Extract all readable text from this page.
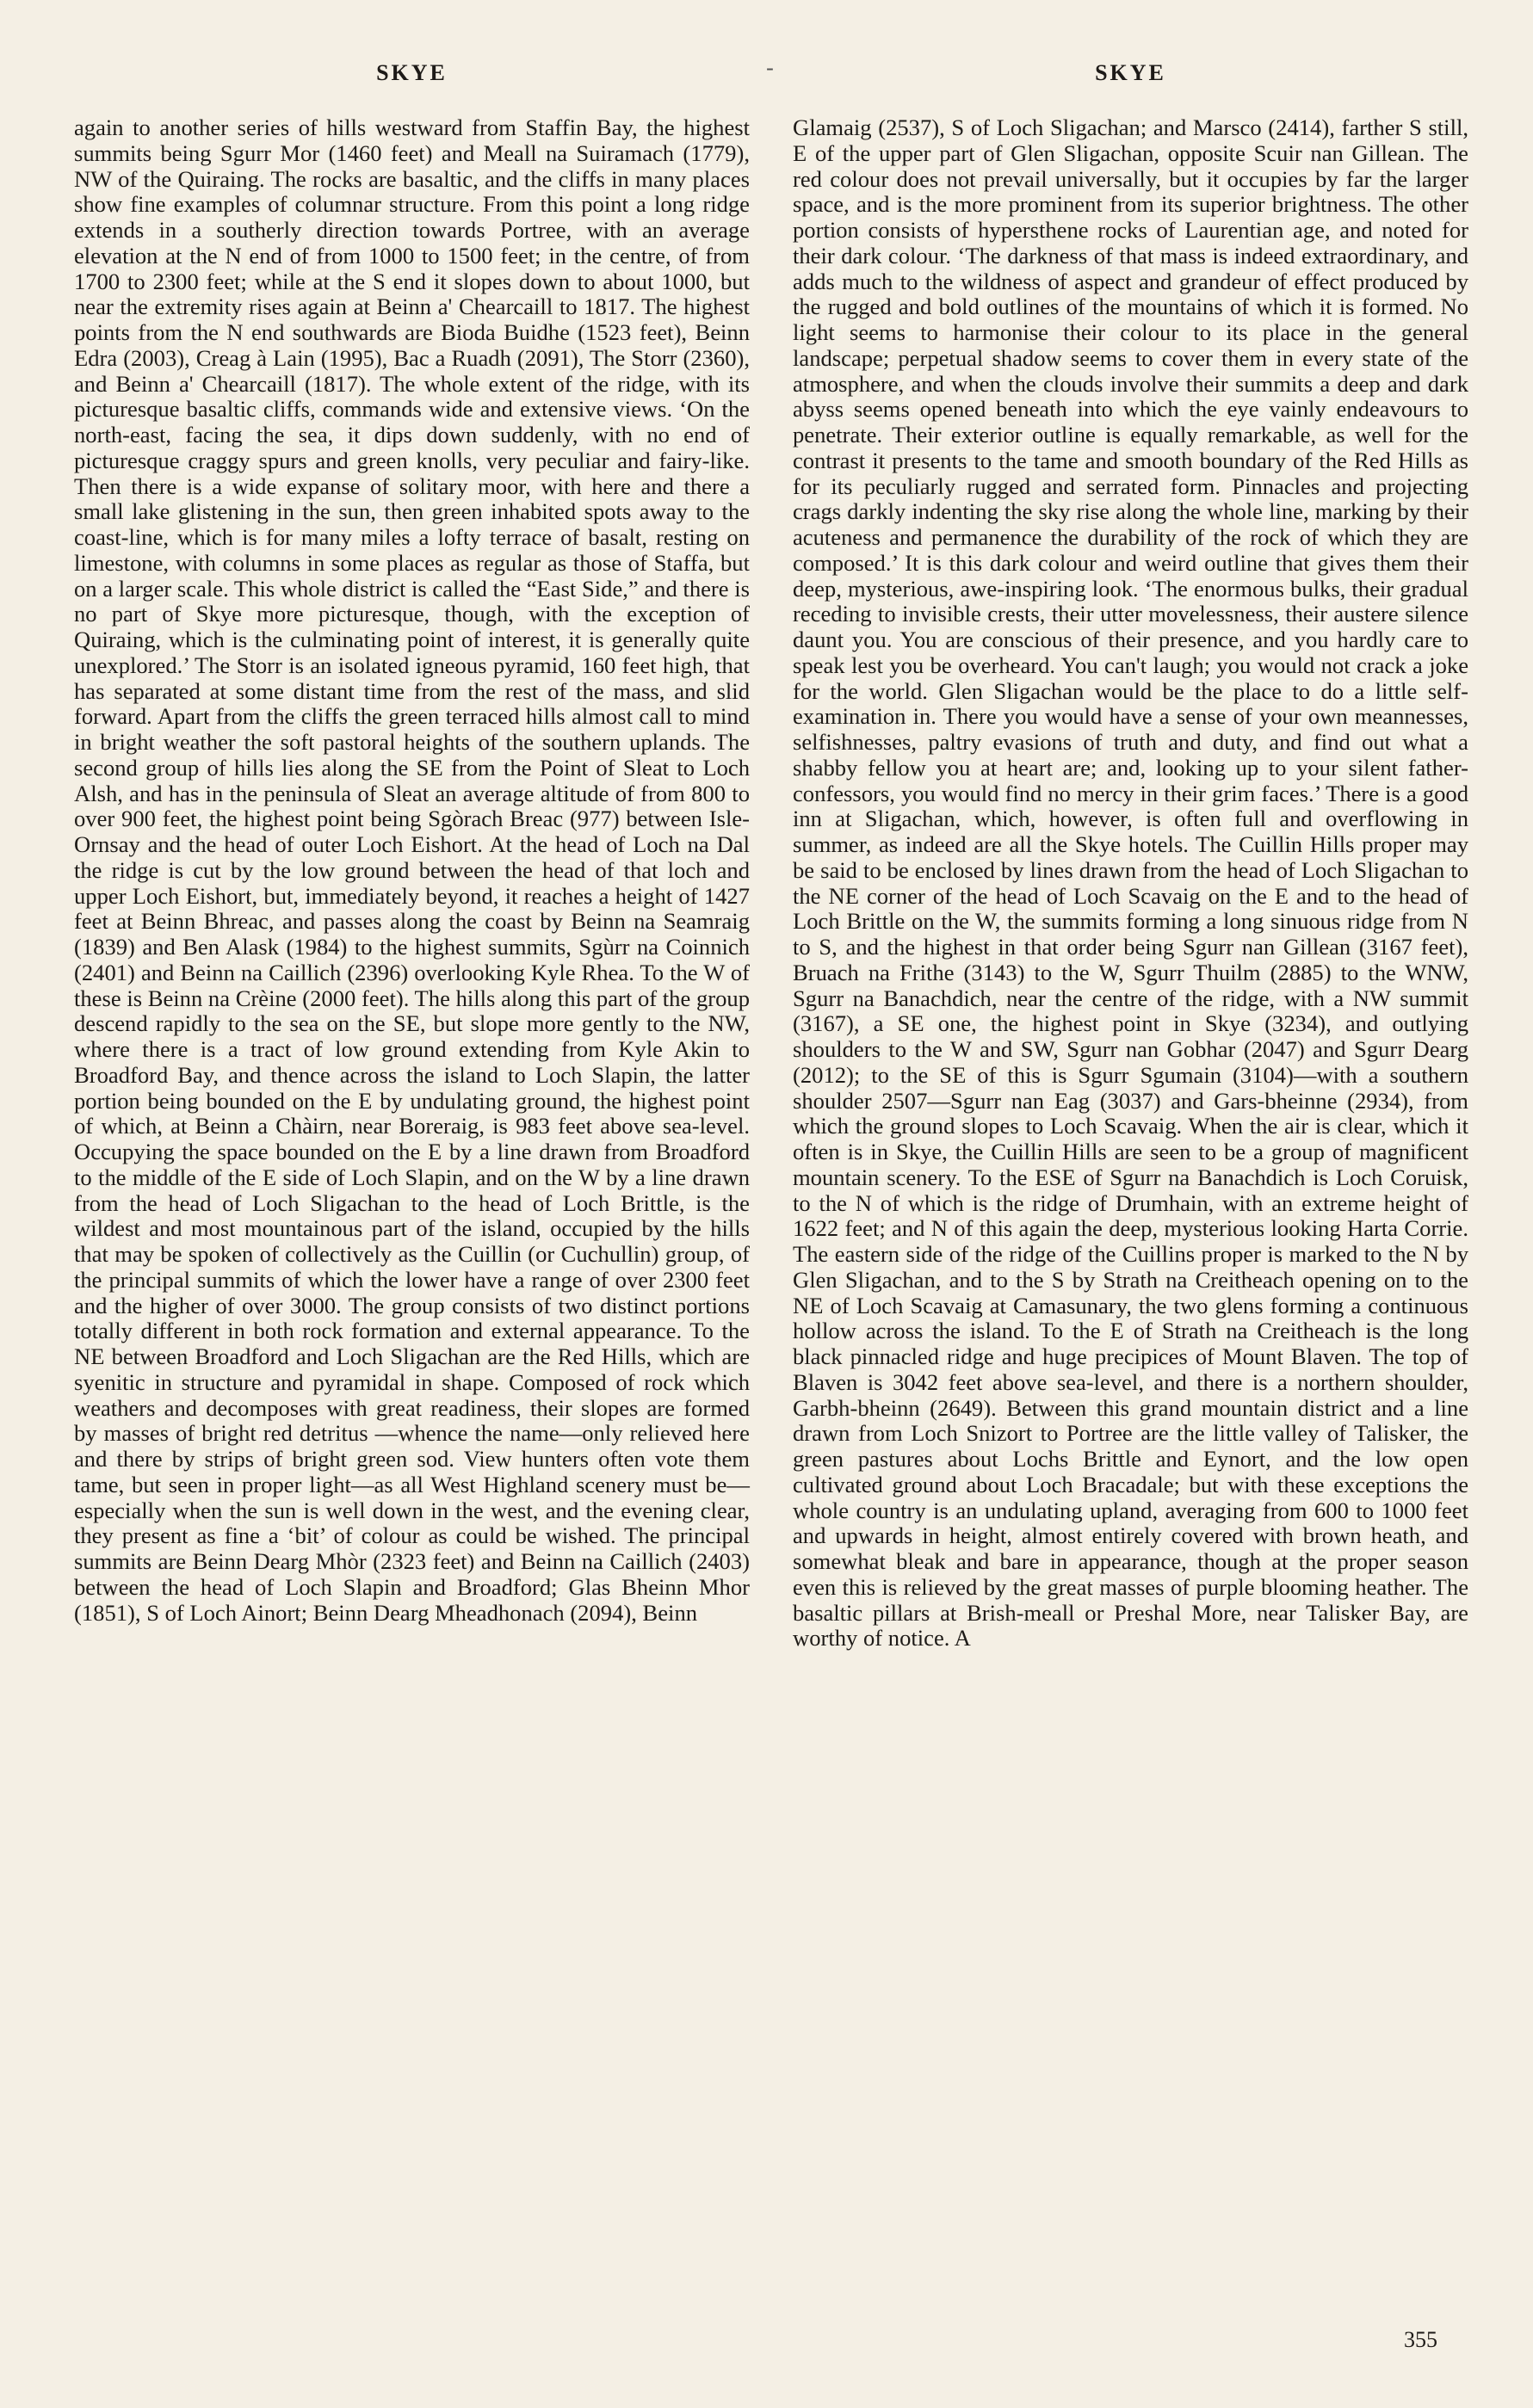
SKYE	-	SKYE

again to another series of hills westward from Staffin Bay, the highest summits being Sgurr Mor (1460 feet) and Meall na Suiramach (1779), NW of the Quiraing. The rocks are basaltic, and the cliffs in many places show fine examples of columnar structure. From this point a long ridge extends in a southerly direction towards Portree, with an average elevation at the N end of from 1000 to 1500 feet; in the centre, of from 1700 to 2300 feet; while at the S end it slopes down to about 1000, but near the extremity rises again at Beinn a' Chearcaill to 1817. The highest points from the N end southwards are Bioda Buidhe (1523 feet), Beinn Edra (2003), Creag à Lain (1995), Bac a Ruadh (2091), The Storr (2360), and Beinn a' Chearcaill (1817). The whole extent of the ridge, with its picturesque basaltic cliffs, commands wide and extensive views. ‘On the north-east, facing the sea, it dips down suddenly, with no end of picturesque craggy spurs and green knolls, very peculiar and fairy-like. Then there is a wide expanse of solitary moor, with here and there a small lake glistening in the sun, then green inhabited spots away to the coast-line, which is for many miles a lofty terrace of basalt, resting on limestone, with columns in some places as regular as those of Staffa, but on a larger scale. This whole district is called the “East Side,” and there is no part of Skye more picturesque, though, with the exception of Quiraing, which is the culminating point of interest, it is generally quite unexplored.’ The Storr is an isolated igneous pyramid, 160 feet high, that has separated at some distant time from the rest of the mass, and slid forward. Apart from the cliffs the green terraced hills almost call to mind in bright weather the soft pastoral heights of the southern uplands. The second group of hills lies along the SE from the Point of Sleat to Loch Alsh, and has in the peninsula of Sleat an average altitude of from 800 to over 900 feet, the highest point being Sgòrach Breac (977) between Isle-Ornsay and the head of outer Loch Eishort. At the head of Loch na Dal the ridge is cut by the low ground between the head of that loch and upper Loch Eishort, but, immediately beyond, it reaches a height of 1427 feet at Beinn Bhreac, and passes along the coast by Beinn na Seamraig (1839) and Ben Alask (1984) to the highest summits, Sgùrr na Coinnich (2401) and Beinn na Caillich (2396) overlooking Kyle Rhea. To the W of these is Beinn na Crèine (2000 feet). The hills along this part of the group descend rapidly to the sea on the SE, but slope more gently to the NW, where there is a tract of low ground extending from Kyle Akin to Broadford Bay, and thence across the island to Loch Slapin, the latter portion being bounded on the E by undulating ground, the highest point of which, at Beinn a Chàirn, near Boreraig, is 983 feet above sea-level. Occupying the space bounded on the E by a line drawn from Broadford to the middle of the E side of Loch Slapin, and on the W by a line drawn from the head of Loch Sligachan to the head of Loch Brittle, is the wildest and most mountainous part of the island, occupied by the hills that may be spoken of collectively as the Cuillin (or Cuchullin) group, of the principal summits of which the lower have a range of over 2300 feet and the higher of over 3000. The group consists of two distinct portions totally different in both rock formation and external appearance. To the NE between Broadford and Loch Sligachan are the Red Hills, which are syenitic in structure and pyramidal in shape. Composed of rock which weathers and decomposes with great readiness, their slopes are formed by masses of bright red detritus —whence the name—only relieved here and there by strips of bright green sod. View hunters often vote them tame, but seen in proper light—as all West Highland scenery must be—especially when the sun is well down in the west, and the evening clear, they present as fine a ‘bit’ of colour as could be wished. The principal summits are Beinn Dearg Mhòr (2323 feet) and Beinn na Caillich (2403) between the head of Loch Slapin and Broadford; Glas Bheinn Mhor (1851), S of Loch Ainort; Beinn Dearg Mheadhonach (2094), Beinn

Glamaig (2537), S of Loch Sligachan; and Marsco (2414), farther S still, E of the upper part of Glen Sligachan, opposite Scuir nan Gillean. The red colour does not prevail universally, but it occupies by far the larger space, and is the more prominent from its superior brightness. The other portion consists of hypersthene rocks of Laurentian age, and noted for their dark colour. ‘The darkness of that mass is indeed extraordinary, and adds much to the wildness of aspect and grandeur of effect produced by the rugged and bold outlines of the mountains of which it is formed. No light seems to harmonise their colour to its place in the general landscape; perpetual shadow seems to cover them in every state of the atmosphere, and when the clouds involve their summits a deep and dark abyss seems opened beneath into which the eye vainly endeavours to penetrate. Their exterior outline is equally remarkable, as well for the contrast it presents to the tame and smooth boundary of the Red Hills as for its peculiarly rugged and serrated form. Pinnacles and projecting crags darkly indenting the sky rise along the whole line, marking by their acuteness and permanence the durability of the rock of which they are composed.’ It is this dark colour and weird outline that gives them their deep, mysterious, awe-inspiring look. ‘The enormous bulks, their gradual receding to invisible crests, their utter movelessness, their austere silence daunt you. You are conscious of their presence, and you hardly care to speak lest you be overheard. You can't laugh; you would not crack a joke for the world. Glen Sligachan would be the place to do a little self-examination in. There you would have a sense of your own meannesses, selfishnesses, paltry evasions of truth and duty, and find out what a shabby fellow you at heart are; and, looking up to your silent father-confessors, you would find no mercy in their grim faces.’ There is a good inn at Sligachan, which, however, is often full and overflowing in summer, as indeed are all the Skye hotels. The Cuillin Hills proper may be said to be enclosed by lines drawn from the head of Loch Sligachan to the NE corner of the head of Loch Scavaig on the E and to the head of Loch Brittle on the W, the summits forming a long sinuous ridge from N to S, and the highest in that order being Sgurr nan Gillean (3167 feet), Bruach na Frithe (3143) to the W, Sgurr Thuilm (2885) to the WNW, Sgurr na Banachdich, near the centre of the ridge, with a NW summit (3167), a SE one, the highest point in Skye (3234), and outlying shoulders to the W and SW, Sgurr nan Gobhar (2047) and Sgurr Dearg (2012); to the SE of this is Sgurr Sgumain (3104)—with a southern shoulder 2507—Sgurr nan Eag (3037) and Gars-bheinne (2934), from which the ground slopes to Loch Scavaig. When the air is clear, which it often is in Skye, the Cuillin Hills are seen to be a group of magnificent mountain scenery. To the ESE of Sgurr na Banachdich is Loch Coruisk, to the N of which is the ridge of Drumhain, with an extreme height of 1622 feet; and N of this again the deep, mysterious looking Harta Corrie. The eastern side of the ridge of the Cuillins proper is marked to the N by Glen Sligachan, and to the S by Strath na Creitheach opening on to the NE of Loch Scavaig at Camasunary, the two glens forming a continuous hollow across the island. To the E of Strath na Creitheach is the long black pinnacled ridge and huge precipices of Mount Blaven. The top of Blaven is 3042 feet above sea-level, and there is a northern shoulder, Garbh-bheinn (2649). Between this grand mountain district and a line drawn from Loch Snizort to Portree are the little valley of Talisker, the green pastures about Lochs Brittle and Eynort, and the low open cultivated ground about Loch Bracadale; but with these exceptions the whole country is an undulating upland, averaging from 600 to 1000 feet and upwards in height, almost entirely covered with brown heath, and somewhat bleak and bare in appearance, though at the proper season even this is relieved by the great masses of purple blooming heather. The basaltic pillars at Brish-meall or Preshal More, near Talisker Bay, are worthy of notice. A

355
